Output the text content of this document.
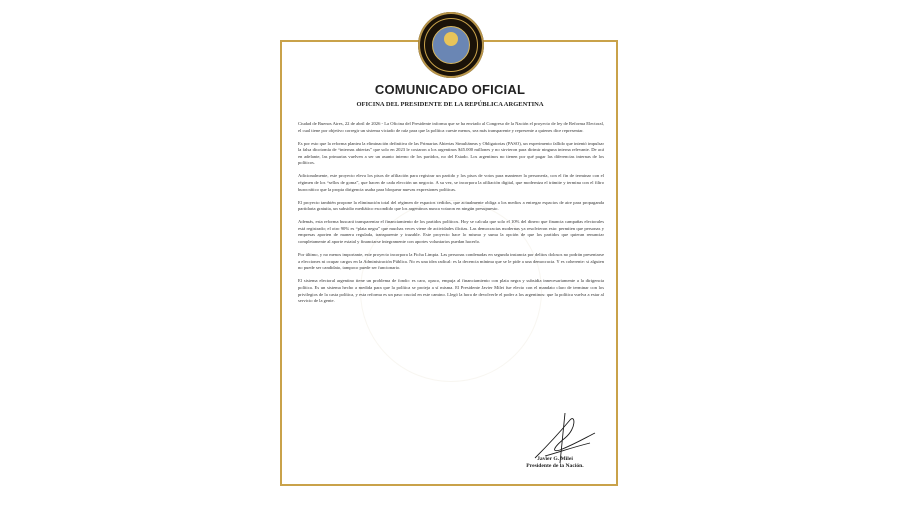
COMUNICADO OFICIAL
OFICINA DEL PRESIDENTE DE LA REPÚBLICA ARGENTINA

Ciudad de Buenos Aires, 22 de abril de 2026 - La Oficina del Presidente informa que se ha enviado al Congreso de la Nación el proyecto de ley de Reforma Electoral, el cual tiene por objetivo corregir un sistema viciado de raíz para que la política cueste menos, sea más transparente y represente a quienes dice representar.

Es por esto que la reforma plantea la eliminación definitiva de las Primarias Abiertas Simultáneas y Obligatorias (PASO), un experimento fallido que intentó impulsar la falsa dicotomía de “internas abiertas” que solo en 2023 le costaron a los argentinos $45.000 millones y no sirvieron para dirimir ninguna interna relevante. De acá en adelante, las primarias vuelven a ser un asunto interno de los partidos, no del Estado. Los argentinos no tienen por qué pagar las diferencias internas de los políticos.

Adicionalmente, este proyecto eleva los pisos de afiliación para registrar un partido y los pisos de votos para mantener la personería, con el fin de terminar con el régimen de los “sellos de goma”, que hacen de cada elección un negocio. A su vez, se incorpora la afiliación digital, que moderniza el trámite y termina con el filtro burocrático que la propia dirigencia usaba para bloquear nuevas expresiones políticas.

El proyecto también propone la eliminación total del régimen de espacios cedidos, que actualmente obliga a los medios a entregar espacios de aire para propaganda partidaria gratuita, un subsidio mediático escondido que los argentinos nunca votaron en ningún presupuesto.

Además, esta reforma buscará transparentar el financiamiento de los partidos políticos. Hoy se calcula que solo el 10% del dinero que financia campañas electorales está registrado; el otro 90% es “plata negra” que muchas veces viene de actividades ilícitas. Las democracias modernas ya resolvieron esto: permiten que personas y empresas aporten de manera regulada, transparente y trazable. Este proyecto hace lo mismo y suma la opción de que los partidos que quieran renunciar completamente al aporte estatal y financiarse íntegramente con aportes voluntarios puedan hacerlo.

Por último, y no menos importante, este proyecto incorpora la Ficha Limpia. Las personas condenadas en segunda instancia por delitos dolosos no podrán presentarse a elecciones ni ocupar cargos en la Administración Pública. No es una idea radical: es la decencia mínima que se le pide a una democracia. Y es coherente: si alguien no puede ser candidato, tampoco puede ser funcionario.

El sistema electoral argentino tiene un problema de fondo: es caro, opaco, empuja al financiamiento con plata negra y subsidia innecesariamente a la dirigencia política. Es un sistema hecho a medida para que la política se proteja a sí misma. El Presidente Javier Milei fue electo con el mandato claro de terminar con los privilegios de la casta política, y esta reforma es un paso crucial en este camino. Llegó la hora de devolverle el poder a los argentinos: que la política vuelva a estar al servicio de la gente.

Javier G. Milei
Presidente de la Nación.
